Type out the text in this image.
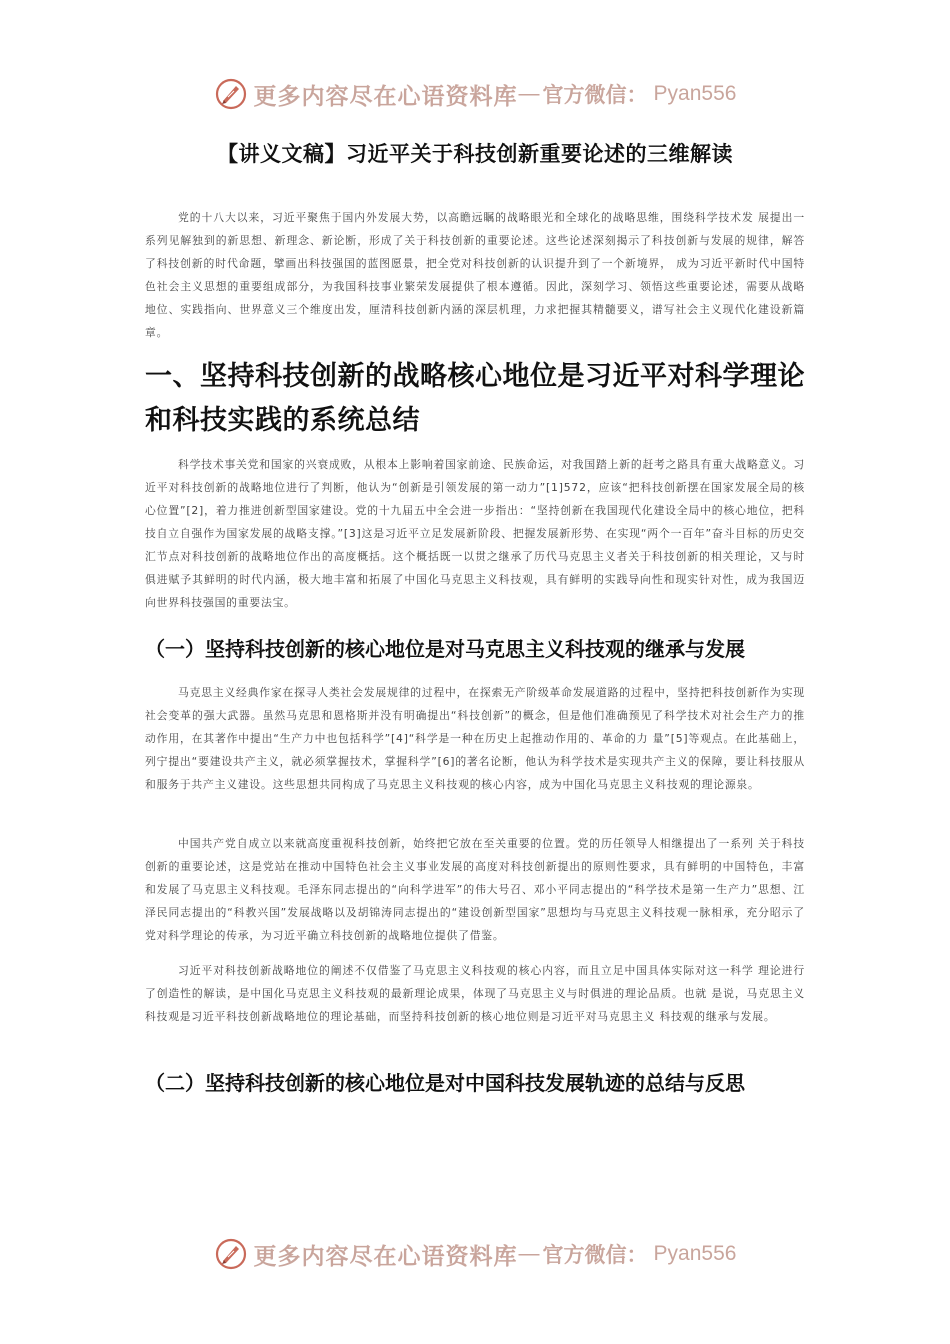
更多内容尽在心语资料库 — 官方微信： Pyan556
【讲义文稿】习近平关于科技创新重要论述的三维解读

党的十八大以来，习近平聚焦于国内外发展大势，以高瞻远瞩的战略眼光和全球化的战略思维，围绕科学技术发 展提出一系列见解独到的新思想、新理念、新论断，形成了关于科技创新的重要论述。这些论述深刻揭示了科技创新与发展的规律，解答了科技创新的时代命题，擘画出科技强国的蓝图愿景，把全党对科技创新的认识提升到了一个新境界， 成为习近平新时代中国特色社会主义思想的重要组成部分，为我国科技事业繁荣发展提供了根本遵循。因此，深刻学习、领悟这些重要论述，需要从战略地位、实践指向、世界意义三个维度出发，厘清科技创新内涵的深层机理，力求把握其精髓要义，谱写社会主义现代化建设新篇章。

一、坚持科技创新的战略核心地位是习近平对科学理论和科技实践的系统总结

科学技术事关党和国家的兴衰成败，从根本上影响着国家前途、民族命运，对我国踏上新的赶考之路具有重大战略意义。习近平对科技创新的战略地位进行了判断，他认为“创新是引领发展的第一动力”[1]572，应该“把科技创新摆在国家发展全局的核心位置”[2]，着力推进创新型国家建设。党的十九届五中全会进一步指出：“坚持创新在我国现代化建设全局中的核心地位，把科技自立自强作为国家发展的战略支撑。”[3]这是习近平立足发展新阶段、把握发展新形势、在实现“两个一百年”奋斗目标的历史交汇节点对科技创新的战略地位作出的高度概括。这个概括既一以贯之继承了历代马克思主义者关于科技创新的相关理论，又与时俱进赋予其鲜明的时代内涵，极大地丰富和拓展了中国化马克思主义科技观，具有鲜明的实践导向性和现实针对性，成为我国迈向世界科技强国的重要法宝。

（一）坚持科技创新的核心地位是对马克思主义科技观的继承与发展

马克思主义经典作家在探寻人类社会发展规律的过程中，在探索无产阶级革命发展道路的过程中，坚持把科技创新作为实现社会变革的强大武器。虽然马克思和恩格斯并没有明确提出“科技创新”的概念，但是他们准确预见了科学技术对社会生产力的推动作用，在其著作中提出“生产力中也包括科学”[4]“科学是一种在历史上起推动作用的、革命的力 量”[5]等观点。在此基础上，列宁提出“要建设共产主义，就必须掌握技术，掌握科学”[6]的著名论断，他认为科学技术是实现共产主义的保障，要让科技服从和服务于共产主义建设。这些思想共同构成了马克思主义科技观的核心内容，成为中国化马克思主义科技观的理论源泉。

中国共产党自成立以来就高度重视科技创新，始终把它放在至关重要的位置。党的历任领导人相继提出了一系列 关于科技创新的重要论述，这是党站在推动中国特色社会主义事业发展的高度对科技创新提出的原则性要求，具有鲜明的中国特色，丰富和发展了马克思主义科技观。毛泽东同志提出的“向科学进军”的伟大号召、邓小平同志提出的“科学技术是第一生产力”思想、江泽民同志提出的“科教兴国”发展战略以及胡锦涛同志提出的“建设创新型国家”思想均与马克思主义科技观一脉相承，充分昭示了党对科学理论的传承，为习近平确立科技创新的战略地位提供了借鉴。

习近平对科技创新战略地位的阐述不仅借鉴了马克思主义科技观的核心内容，而且立足中国具体实际对这一科学 理论进行了创造性的解读，是中国化马克思主义科技观的最新理论成果，体现了马克思主义与时俱进的理论品质。也就 是说，马克思主义科技观是习近平科技创新战略地位的理论基础，而坚持科技创新的核心地位则是习近平对马克思主义 科技观的继承与发展。

（二）坚持科技创新的核心地位是对中国科技发展轨迹的总结与反思
更多内容尽在心语资料库 — 官方微信： Pyan556
